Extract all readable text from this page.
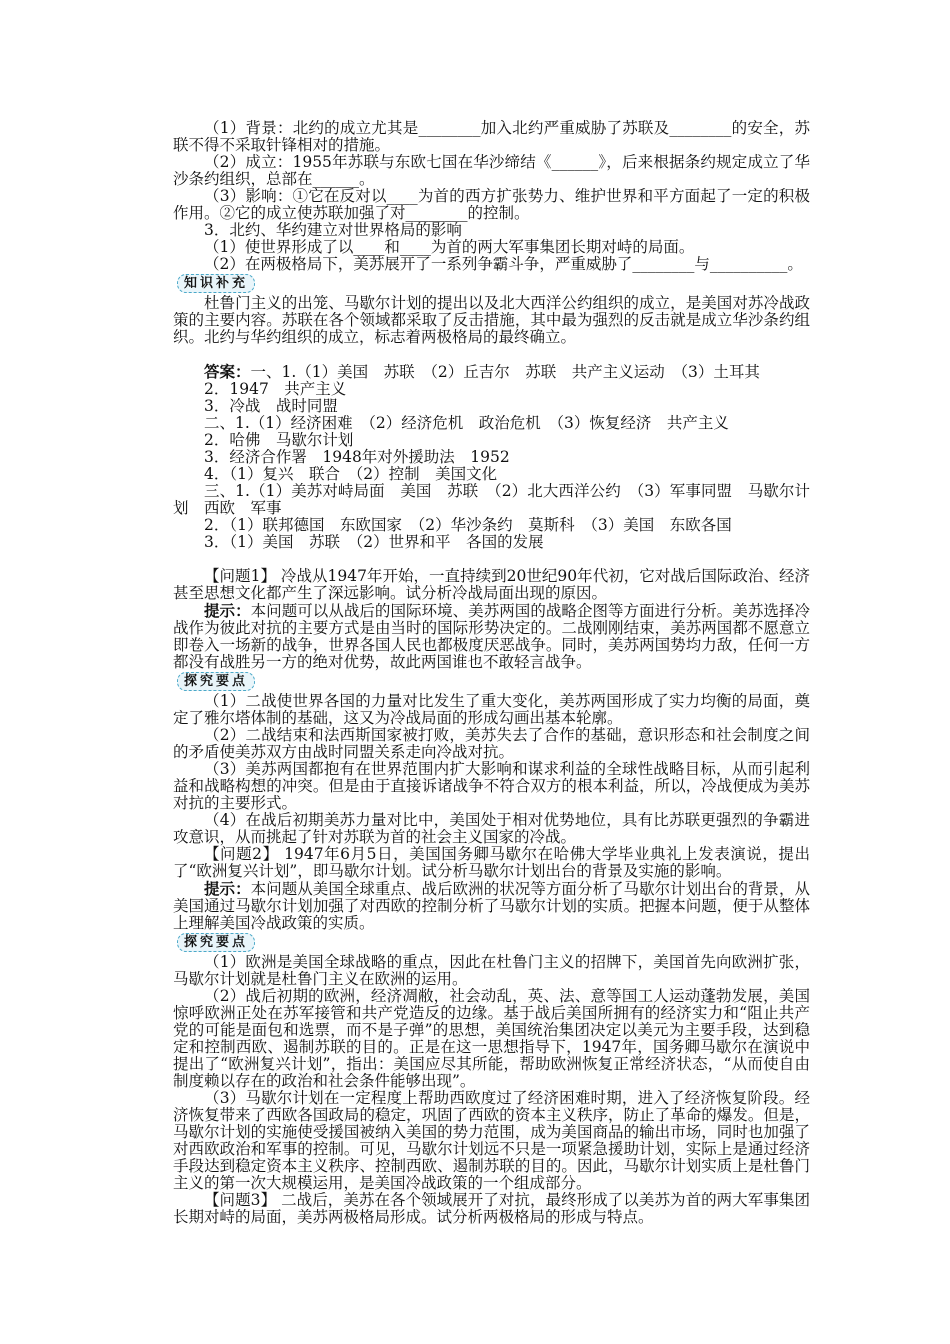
（1）背景：北约的成立尤其是________加入北约严重威胁了苏联及________的安全，苏联不得不采取针锋相对的措施。

（2）成立：1955年苏联与东欧七国在华沙缔结《______》，后来根据条约规定成立了华沙条约组织，总部在______。

（3）影响：①它在反对以____为首的西方扩张势力、维护世界和平方面起了一定的积极作用。②它的成立使苏联加强了对________的控制。

3．北约、华约建立对世界格局的影响

（1）使世界形成了以____和____为首的两大军事集团长期对峙的局面。

（2）在两极格局下，美苏展开了一系列争霸斗争，严重威胁了________与__________。

知识补充

杜鲁门主义的出笼、马歇尔计划的提出以及北大西洋公约组织的成立，是美国对苏冷战政策的主要内容。苏联在各个领域都采取了反击措施，其中最为强烈的反击就是成立华沙条约组织。北约与华约组织的成立，标志着两极格局的最终确立。

答案：一、1.（1）美国　苏联　（2）丘吉尔　苏联　共产主义运动　（3）土耳其

2．1947　共产主义

3．冷战　战时同盟

二、1.（1）经济困难　（2）经济危机　政治危机　（3）恢复经济　共产主义

2．哈佛　马歇尔计划

3．经济合作署　1948年对外援助法　1952

4．（1）复兴　联合　（2）控制　美国文化

三、1.（1）美苏对峙局面　美国　苏联　（2）北大西洋公约　（3）军事同盟　马歇尔计划　西欧　军事

2．（1）联邦德国　东欧国家　（2）华沙条约　莫斯科　（3）美国　东欧各国

3．（1）美国　苏联　（2）世界和平　各国的发展

【问题1】 冷战从1947年开始，一直持续到20世纪90年代初，它对战后国际政治、经济甚至思想文化都产生了深远影响。试分析冷战局面出现的原因。

提示：本问题可以从战后的国际环境、美苏两国的战略企图等方面进行分析。美苏选择冷战作为彼此对抗的主要方式是由当时的国际形势决定的。二战刚刚结束，美苏两国都不愿意立即卷入一场新的战争，世界各国人民也都极度厌恶战争。同时，美苏两国势均力敌，任何一方都没有战胜另一方的绝对优势，故此两国谁也不敢轻言战争。

探究要点

（1）二战使世界各国的力量对比发生了重大变化，美苏两国形成了实力均衡的局面，奠定了雅尔塔体制的基础，这又为冷战局面的形成勾画出基本轮廓。

（2）二战结束和法西斯国家被打败，美苏失去了合作的基础，意识形态和社会制度之间的矛盾使美苏双方由战时同盟关系走向冷战对抗。

（3）美苏两国都抱有在世界范围内扩大影响和谋求利益的全球性战略目标，从而引起利益和战略构想的冲突。但是由于直接诉诸战争不符合双方的根本利益，所以，冷战便成为美苏对抗的主要形式。

（4）在战后初期美苏力量对比中，美国处于相对优势地位，具有比苏联更强烈的争霸进攻意识，从而挑起了针对苏联为首的社会主义国家的冷战。

【问题2】 1947年6月5日，美国国务卿马歇尔在哈佛大学毕业典礼上发表演说，提出了“欧洲复兴计划”，即马歇尔计划。试分析马歇尔计划出台的背景及实施的影响。

提示：本问题从美国全球重点、战后欧洲的状况等方面分析了马歇尔计划出台的背景，从美国通过马歇尔计划加强了对西欧的控制分析了马歇尔计划的实质。把握本问题，便于从整体上理解美国冷战政策的实质。

探究要点

（1）欧洲是美国全球战略的重点，因此在杜鲁门主义的招牌下，美国首先向欧洲扩张，马歇尔计划就是杜鲁门主义在欧洲的运用。

（2）战后初期的欧洲，经济凋敝，社会动乱，英、法、意等国工人运动蓬勃发展，美国惊呼欧洲正处在苏军接管和共产党造反的边缘。基于战后美国所拥有的经济实力和“阻止共产党的可能是面包和选票，而不是子弹”的思想，美国统治集团决定以美元为主要手段，达到稳定和控制西欧、遏制苏联的目的。正是在这一思想指导下，1947年，国务卿马歇尔在演说中提出了“欧洲复兴计划”，指出：美国应尽其所能，帮助欧洲恢复正常经济状态，“从而使自由制度赖以存在的政治和社会条件能够出现”。

（3）马歇尔计划在一定程度上帮助西欧度过了经济困难时期，进入了经济恢复阶段。经济恢复带来了西欧各国政局的稳定，巩固了西欧的资本主义秩序，防止了革命的爆发。但是，马歇尔计划的实施使受援国被纳入美国的势力范围，成为美国商品的输出市场，同时也加强了对西欧政治和军事的控制。可见，马歇尔计划远不只是一项紧急援助计划，实际上是通过经济手段达到稳定资本主义秩序、控制西欧、遏制苏联的目的。因此，马歇尔计划实质上是杜鲁门主义的第一次大规模运用，是美国冷战政策的一个组成部分。

【问题3】 二战后，美苏在各个领域展开了对抗，最终形成了以美苏为首的两大军事集团长期对峙的局面，美苏两极格局形成。试分析两极格局的形成与特点。
